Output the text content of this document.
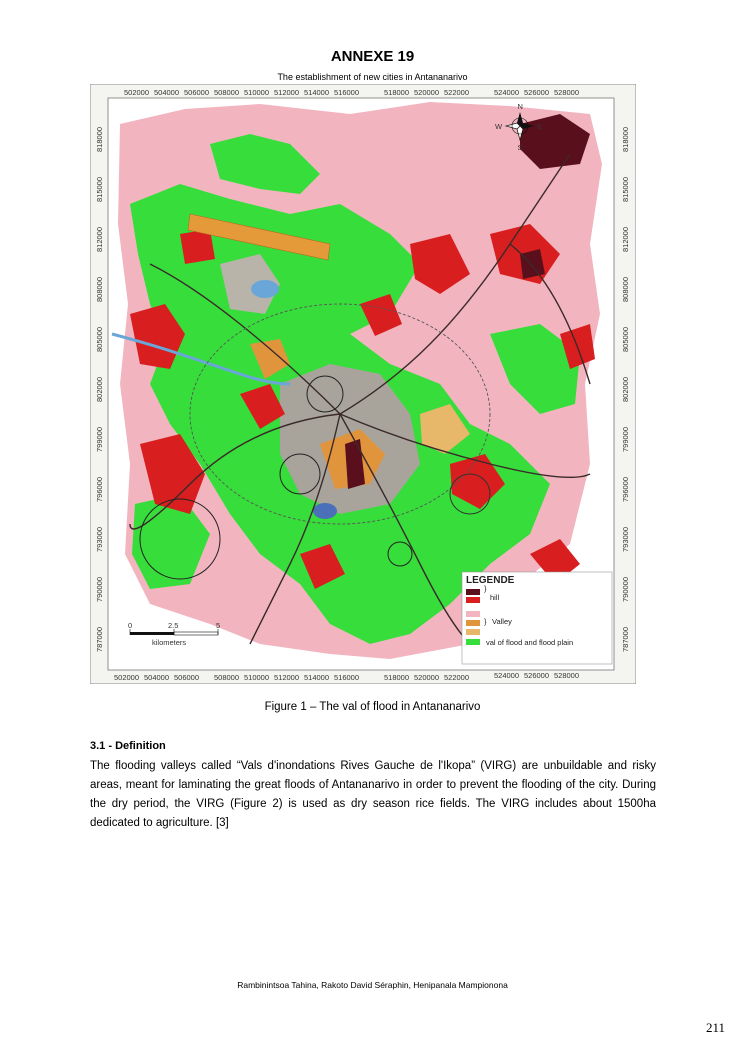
ANNEXE 19
The establishment of new cities in Antananarivo
502000 504000 506000 508000 510000 512000 514000 516000	518000 520000 522000	524000 526000 528000
502000 504000 506000 508000 510000 512000 514000 516000	518000 520000 522000	524000 526000 528000
818000
815000
812000
808000
805000
802000
799000
796000
793000
790000
787000
818000
815000
812000
808000
805000
802000
799000
796000
793000
790000
787000
N
S
E
W
0	2.5	5
kilometers
LEGENDE
}
hill
} Valley
val of flood and flood plain
Figure 1 – The val of flood in Antananarivo
3.1 - Definition
The flooding valleys called “Vals d'inondations Rives Gauche de l'Ikopa” (VIRG) are unbuildable and risky areas, meant for laminating the great floods of Antananarivo in order to prevent the flooding of the city. During the dry period, the VIRG (Figure 2) is used as dry season rice fields. The VIRG includes about 1500ha dedicated to agriculture. [3]
Rambinintsoa Tahina, Rakoto David Séraphin, Henipanala Mampionona
211
